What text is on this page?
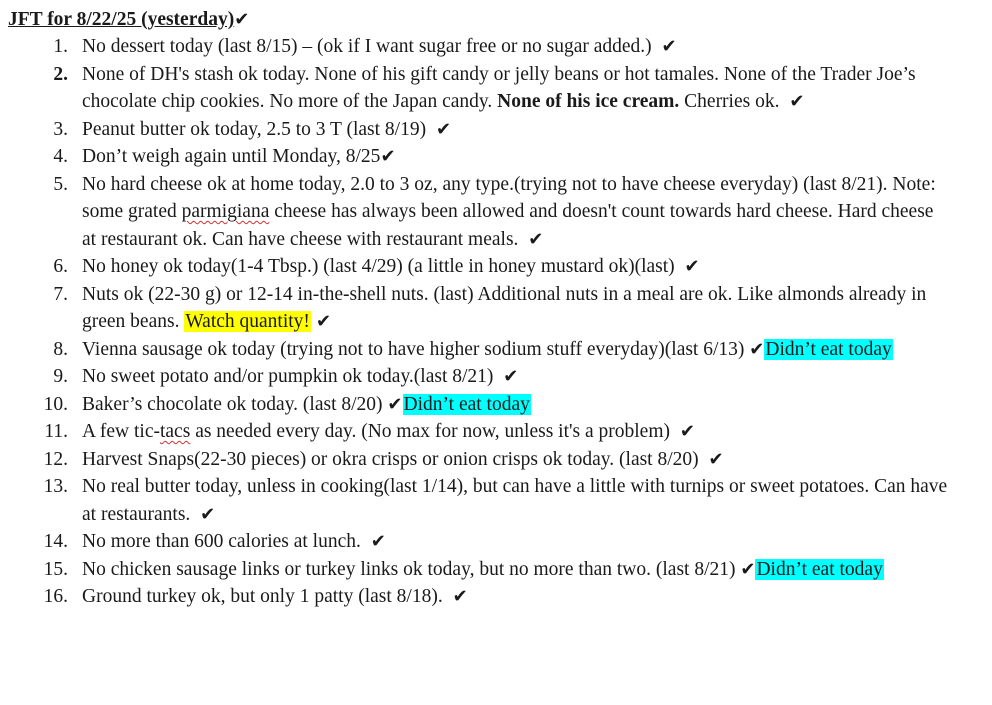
JFT for 8/22/25 (yesterday)✔
1. No dessert today (last 8/15) – (ok if I want sugar free or no sugar added.) ✔
2. None of DH's stash ok today. None of his gift candy or jelly beans or hot tamales. None of the Trader Joe’s chocolate chip cookies. No more of the Japan candy. None of his ice cream. Cherries ok. ✔
3. Peanut butter ok today, 2.5 to 3 T (last 8/19) ✔
4. Don’t weigh again until Monday, 8/25✔
5. No hard cheese ok at home today, 2.0 to 3 oz, any type.(trying not to have cheese everyday) (last 8/21). Note: some grated parmigiana cheese has always been allowed and doesn't count towards hard cheese. Hard cheese at restaurant ok. Can have cheese with restaurant meals. ✔
6. No honey ok today(1-4 Tbsp.) (last 4/29) (a little in honey mustard ok)(last) ✔
7. Nuts ok (22-30 g) or 12-14 in-the-shell nuts. (last) Additional nuts in a meal are ok. Like almonds already in green beans. Watch quantity! ✔
8. Vienna sausage ok today (trying not to have higher sodium stuff everyday)(last 6/13) ✔Didn’t eat today
9. No sweet potato and/or pumpkin ok today.(last 8/21) ✔
10. Baker’s chocolate ok today. (last 8/20) ✔Didn’t eat today
11. A few tic-tacs as needed every day. (No max for now, unless it's a problem) ✔
12. Harvest Snaps(22-30 pieces) or okra crisps or onion crisps ok today. (last 8/20) ✔
13. No real butter today, unless in cooking(last 1/14), but can have a little with turnips or sweet potatoes. Can have at restaurants. ✔
14. No more than 600 calories at lunch. ✔
15. No chicken sausage links or turkey links ok today, but no more than two. (last 8/21) ✔Didn’t eat today
16. Ground turkey ok, but only 1 patty (last 8/18). ✔
